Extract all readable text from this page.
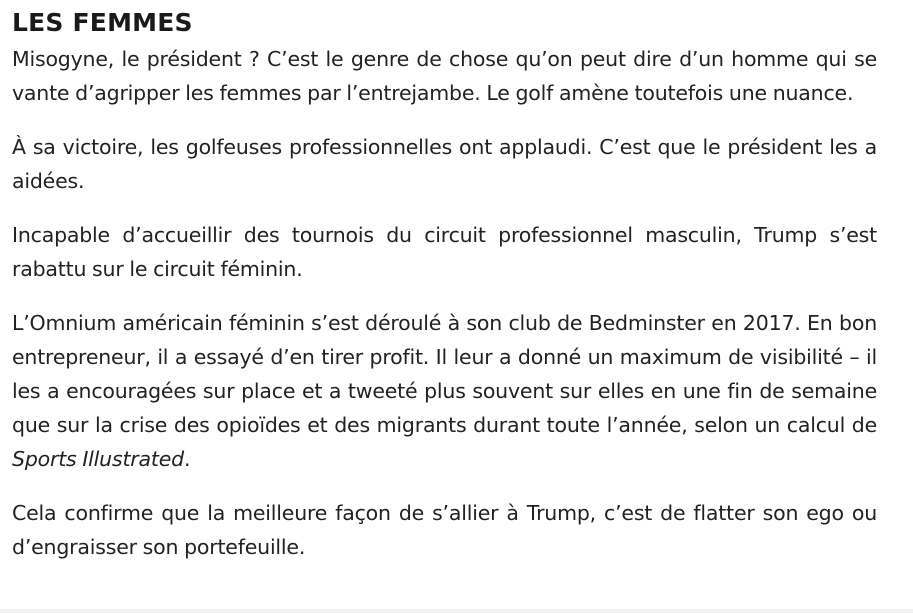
LES FEMMES

Misogyne, le président ? C’est le genre de chose qu’on peut dire d’un homme qui se vante d’agripper les femmes par l’entrejambe. Le golf amène toutefois une nuance.

À sa victoire, les golfeuses professionnelles ont applaudi. C’est que le président les a aidées.

Incapable d’accueillir des tournois du circuit professionnel masculin, Trump s’est rabattu sur le circuit féminin.

L’Omnium américain féminin s’est déroulé à son club de Bedminster en 2017. En bon entrepreneur, il a essayé d’en tirer profit. Il leur a donné un maximum de visibilité – il les a encouragées sur place et a tweeté plus souvent sur elles en une fin de semaine que sur la crise des opioïdes et des migrants durant toute l’année, selon un calcul de Sports Illustrated.

Cela confirme que la meilleure façon de s’allier à Trump, c’est de flatter son ego ou d’engraisser son portefeuille.
